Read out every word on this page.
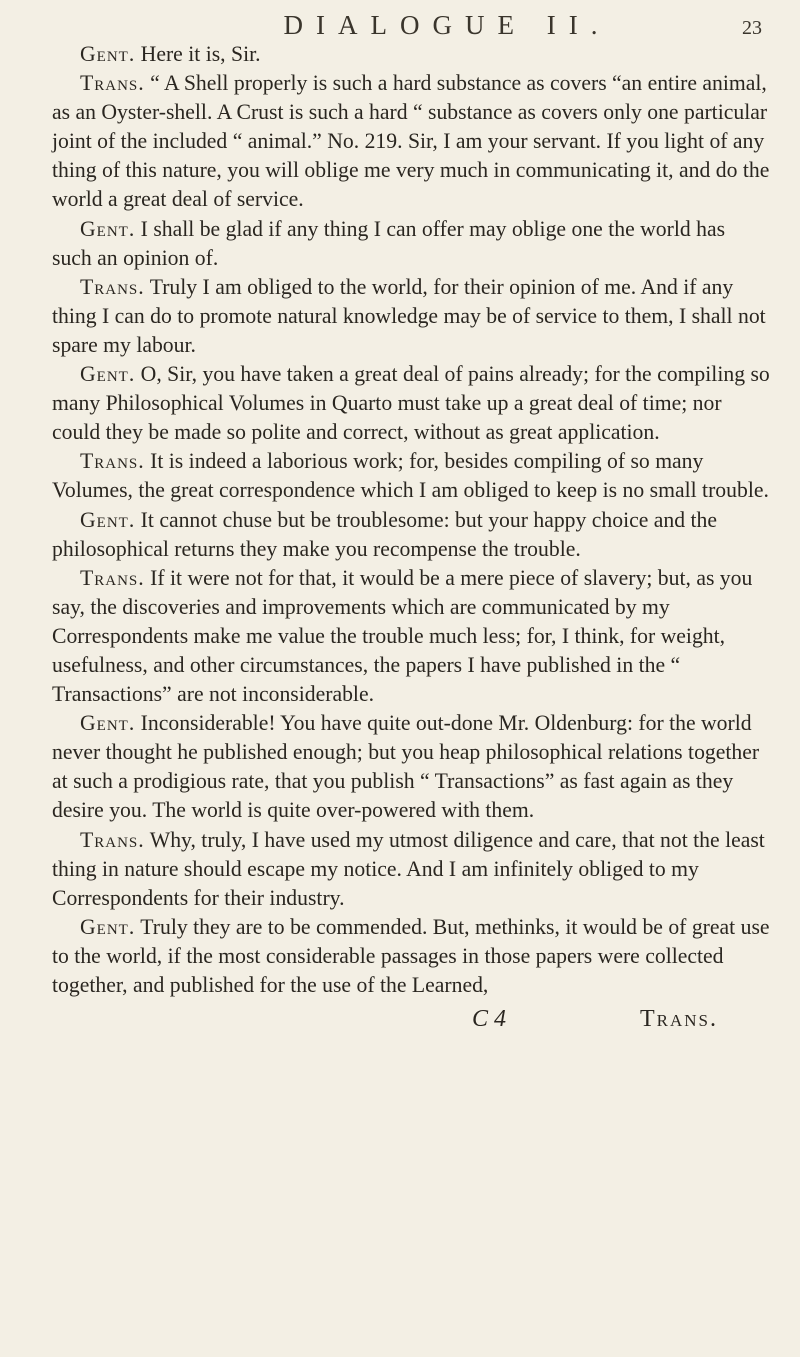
DIALOGUE II.	23

Gent. Here it is, Sir.

Trans. “ A Shell properly is such a hard substance as covers “an entire animal, as an Oyster-shell. A Crust is such a hard “ substance as covers only one particular joint of the included “ animal.” No. 219. Sir, I am your servant. If you light of any thing of this nature, you will oblige me very much in communicating it, and do the world a great deal of service.

Gent. I shall be glad if any thing I can offer may oblige one the world has such an opinion of.

Trans. Truly I am obliged to the world, for their opinion of me. And if any thing I can do to promote natural knowledge may be of service to them, I shall not spare my labour.

Gent. O, Sir, you have taken a great deal of pains already; for the compiling so many Philosophical Volumes in Quarto must take up a great deal of time; nor could they be made so polite and correct, without as great application.

Trans. It is indeed a laborious work; for, besides compiling of so many Volumes, the great correspondence which I am obliged to keep is no small trouble.

Gent. It cannot chuse but be troublesome: but your happy choice and the philosophical returns they make you recompense the trouble.

Trans. If it were not for that, it would be a mere piece of slavery; but, as you say, the discoveries and improvements which are communicated by my Correspondents make me value the trouble much less; for, I think, for weight, usefulness, and other circumstances, the papers I have published in the “ Transactions” are not inconsiderable.

Gent. Inconsiderable! You have quite out-done Mr. Oldenburg: for the world never thought he published enough; but you heap philosophical relations together at such a prodigious rate, that you publish “ Transactions” as fast again as they desire you. The world is quite over-powered with them.

Trans. Why, truly, I have used my utmost diligence and care, that not the least thing in nature should escape my notice. And I am infinitely obliged to my Correspondents for their industry.

Gent. Truly they are to be commended. But, methinks, it would be of great use to the world, if the most considerable passages in those papers were collected together, and published for the use of the Learned,

C 4	Trans.
